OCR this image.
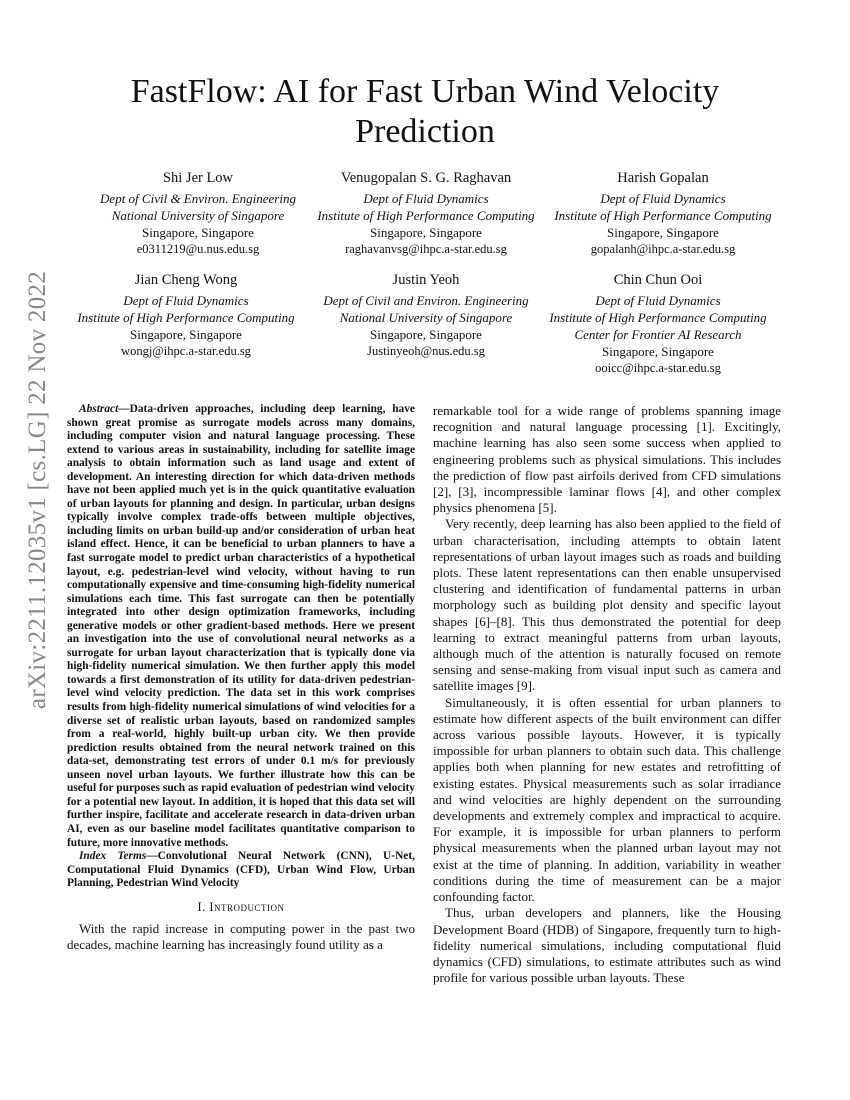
arXiv:2211.12035v1 [cs.LG] 22 Nov 2022
FastFlow: AI for Fast Urban Wind Velocity Prediction
Shi Jer Low
Dept of Civil & Environ. Engineering
National University of Singapore
Singapore, Singapore
e0311219@u.nus.edu.sg
Venugopalan S. G. Raghavan
Dept of Fluid Dynamics
Institute of High Performance Computing
Singapore, Singapore
raghavanvsg@ihpc.a-star.edu.sg
Harish Gopalan
Dept of Fluid Dynamics
Institute of High Performance Computing
Singapore, Singapore
gopalanh@ihpc.a-star.edu.sg
Jian Cheng Wong
Dept of Fluid Dynamics
Institute of High Performance Computing
Singapore, Singapore
wongj@ihpc.a-star.edu.sg
Justin Yeoh
Dept of Civil and Environ. Engineering
National University of Singapore
Singapore, Singapore
Justinyeoh@nus.edu.sg
Chin Chun Ooi
Dept of Fluid Dynamics
Institute of High Performance Computing
Center for Frontier AI Research
Singapore, Singapore
ooicc@ihpc.a-star.edu.sg

Abstract—Data-driven approaches, including deep learning, have shown great promise as surrogate models across many domains, including computer vision and natural language processing. These extend to various areas in sustainability, including for satellite image analysis to obtain information such as land usage and extent of development. An interesting direction for which data-driven methods have not been applied much yet is in the quick quantitative evaluation of urban layouts for planning and design. In particular, urban designs typically involve complex trade-offs between multiple objectives, including limits on urban build-up and/or consideration of urban heat island effect. Hence, it can be beneficial to urban planners to have a fast surrogate model to predict urban characteristics of a hypothetical layout, e.g. pedestrian-level wind velocity, without having to run computationally expensive and time-consuming high-fidelity numerical simulations each time. This fast surrogate can then be potentially integrated into other design optimization frameworks, including generative models or other gradient-based methods. Here we present an investigation into the use of convolutional neural networks as a surrogate for urban layout characterization that is typically done via high-fidelity numerical simulation. We then further apply this model towards a first demonstration of its utility for data-driven pedestrian-level wind velocity prediction. The data set in this work comprises results from high-fidelity numerical simulations of wind velocities for a diverse set of realistic urban layouts, based on randomized samples from a real-world, highly built-up urban city. We then provide prediction results obtained from the neural network trained on this data-set, demonstrating test errors of under 0.1 m/s for previously unseen novel urban layouts. We further illustrate how this can be useful for purposes such as rapid evaluation of pedestrian wind velocity for a potential new layout. In addition, it is hoped that this data set will further inspire, facilitate and accelerate research in data-driven urban AI, even as our baseline model facilitates quantitative comparison to future, more innovative methods.

Index Terms—Convolutional Neural Network (CNN), U-Net, Computational Fluid Dynamics (CFD), Urban Wind Flow, Urban Planning, Pedestrian Wind Velocity

I. Introduction

With the rapid increase in computing power in the past two decades, machine learning has increasingly found utility as a

remarkable tool for a wide range of problems spanning image recognition and natural language processing [1]. Excitingly, machine learning has also seen some success when applied to engineering problems such as physical simulations. This includes the prediction of flow past airfoils derived from CFD simulations [2], [3], incompressible laminar flows [4], and other complex physics phenomena [5].

Very recently, deep learning has also been applied to the field of urban characterisation, including attempts to obtain latent representations of urban layout images such as roads and building plots. These latent representations can then enable unsupervised clustering and identification of fundamental patterns in urban morphology such as building plot density and specific layout shapes [6]–[8]. This thus demonstrated the potential for deep learning to extract meaningful patterns from urban layouts, although much of the attention is naturally focused on remote sensing and sense-making from visual input such as camera and satellite images [9].

Simultaneously, it is often essential for urban planners to estimate how different aspects of the built environment can differ across various possible layouts. However, it is typically impossible for urban planners to obtain such data. This challenge applies both when planning for new estates and retrofitting of existing estates. Physical measurements such as solar irradiance and wind velocities are highly dependent on the surrounding developments and extremely complex and impractical to acquire. For example, it is impossible for urban planners to perform physical measurements when the planned urban layout may not exist at the time of planning. In addition, variability in weather conditions during the time of measurement can be a major confounding factor.

Thus, urban developers and planners, like the Housing Development Board (HDB) of Singapore, frequently turn to high-fidelity numerical simulations, including computational fluid dynamics (CFD) simulations, to estimate attributes such as wind profile for various possible urban layouts. These
